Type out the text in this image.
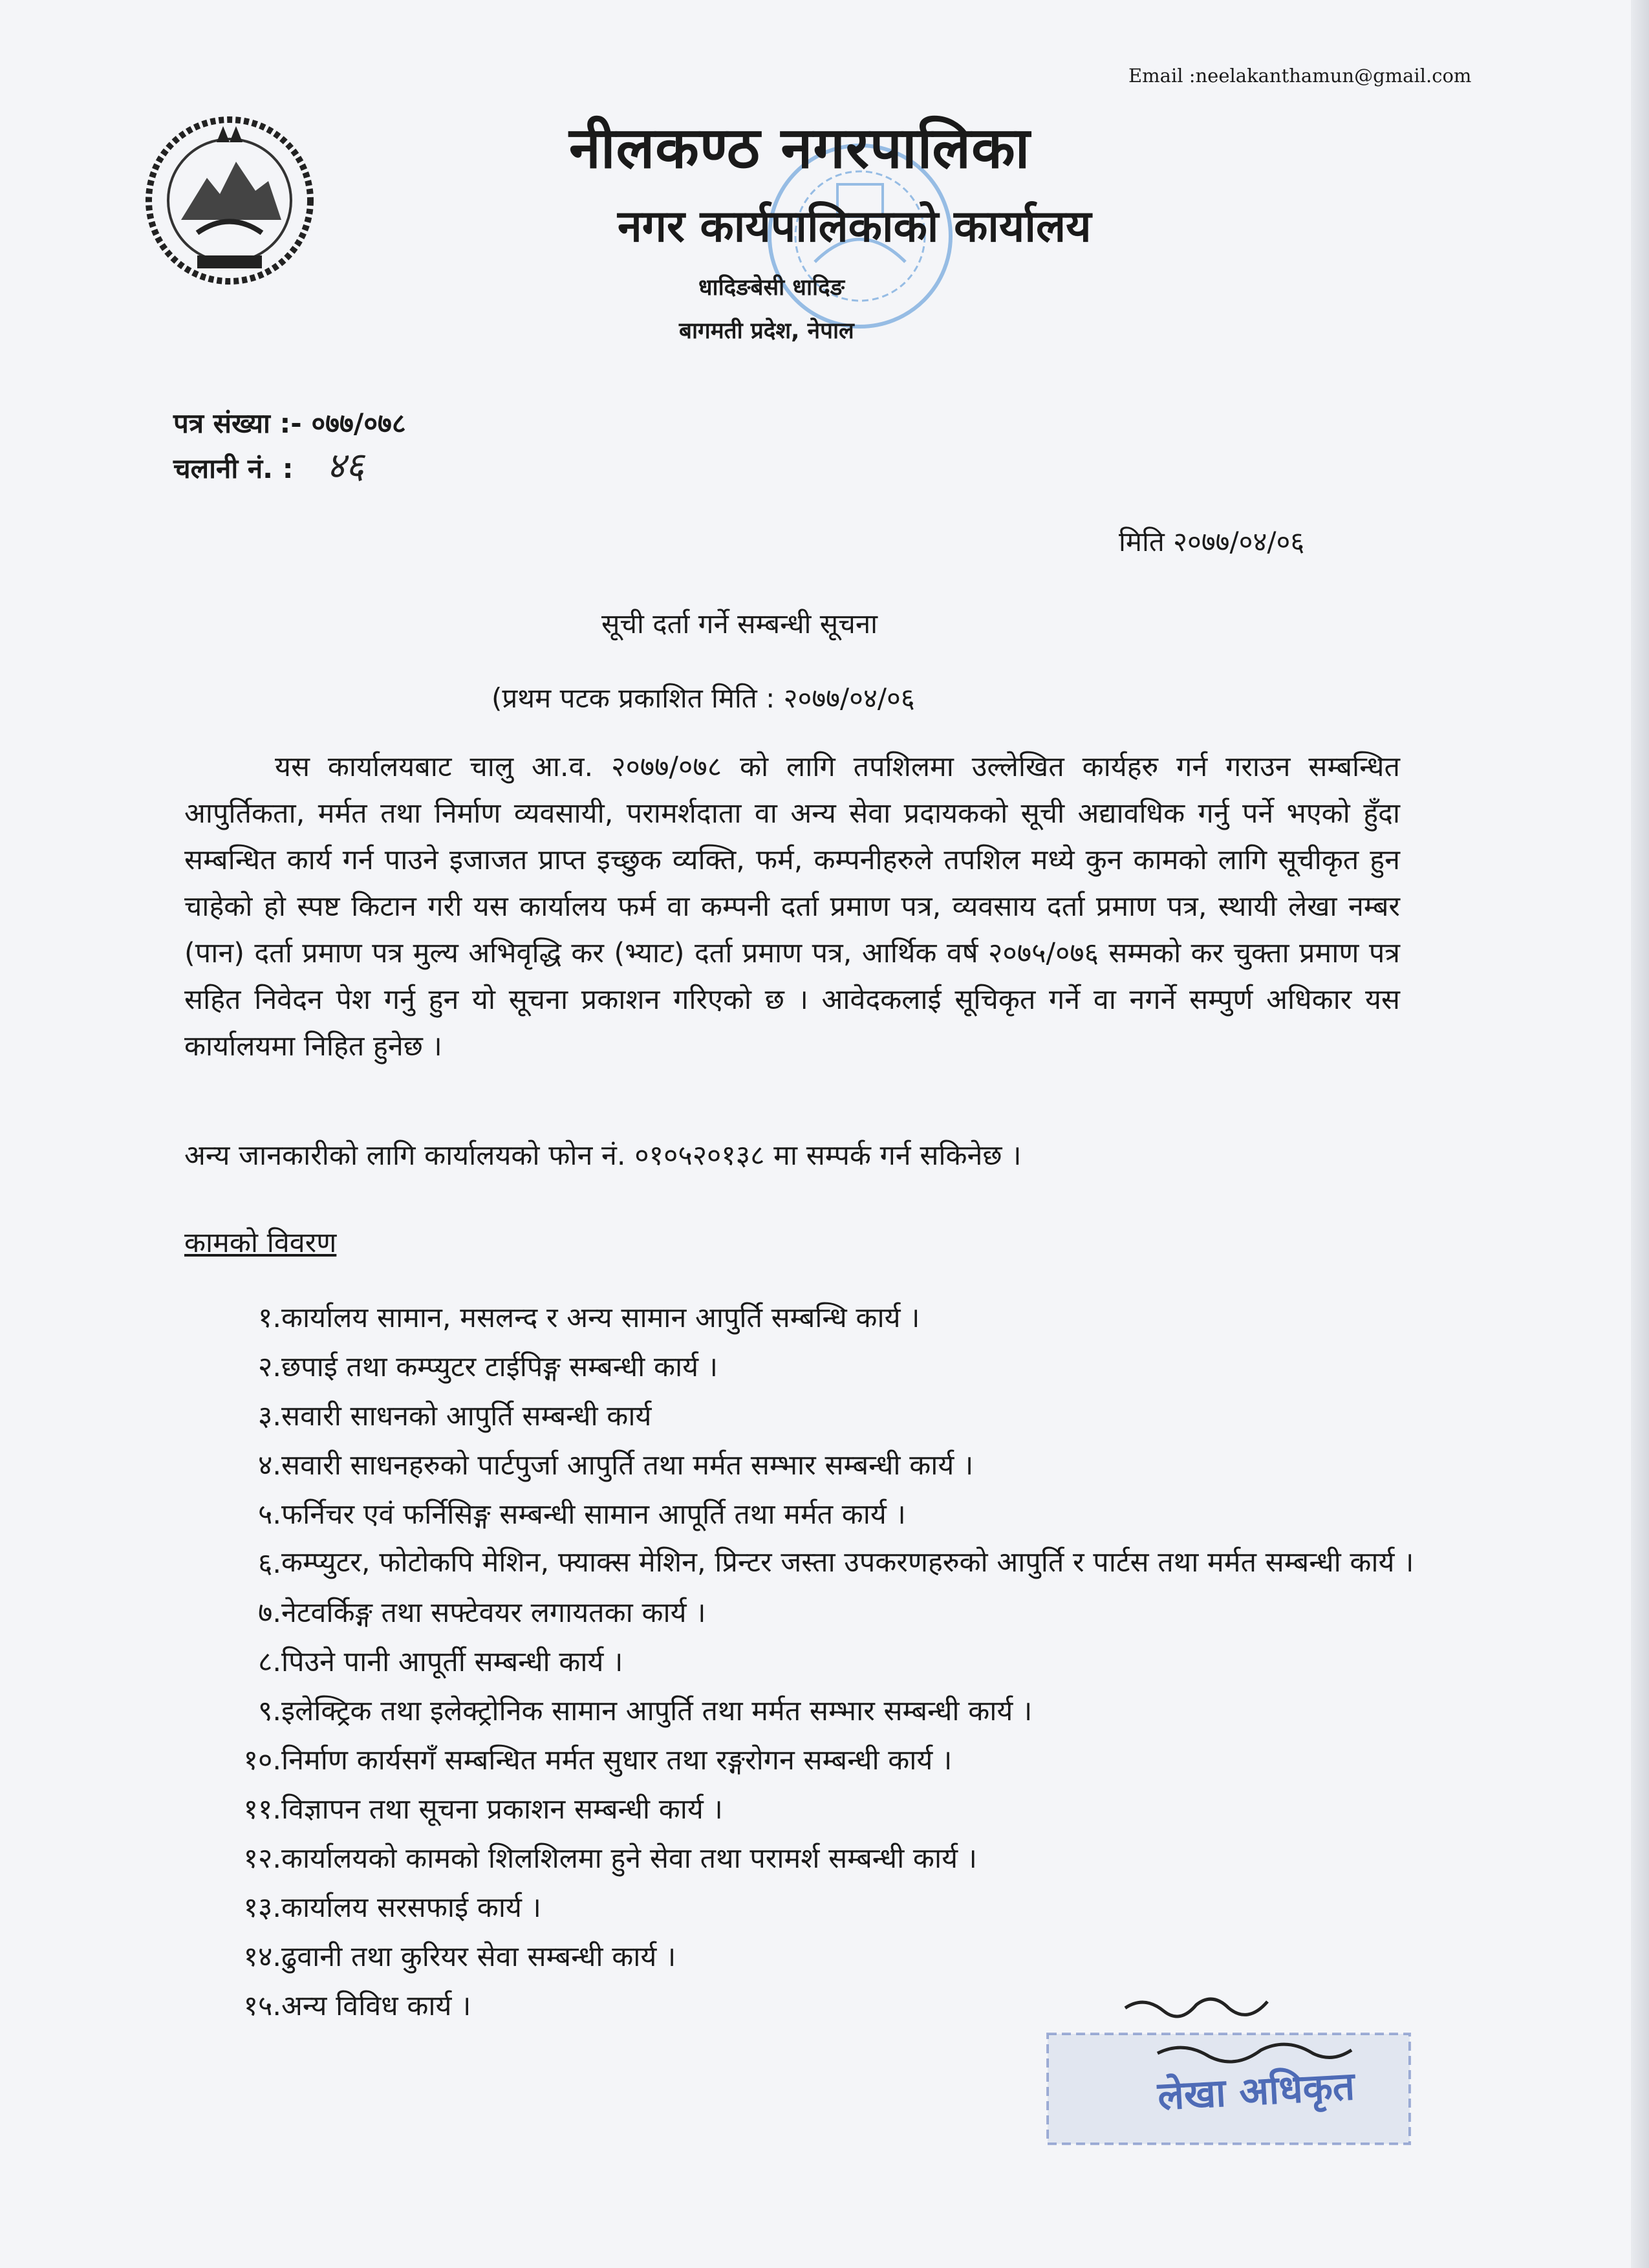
Email :neelakanthamun@gmail.com
नीलकण्ठ नगरपालिका
नगर कार्यपालिकाको कार्यालय
धादिङबेसी धादिङ
बागमती प्रदेश, नेपाल
पत्र संख्या :- ०७७/०७८
चलानी नं. : ४६
मिति २०७७/०४/०६
सूची दर्ता गर्ने सम्बन्धी सूचना
(प्रथम पटक प्रकाशित मिति : २०७७/०४/०६
यस कार्यालयबाट चालु आ.व. २०७७/०७८ को लागि तपशिलमा उल्लेखित कार्यहरु गर्न गराउन सम्बन्धित आपुर्तिकता, मर्मत तथा निर्माण व्यवसायी, परामर्शदाता वा अन्य सेवा प्रदायकको सूची अद्यावधिक गर्नु पर्ने भएको हुँदा सम्बन्धित कार्य गर्न पाउने इजाजत प्राप्त इच्छुक व्यक्ति, फर्म, कम्पनीहरुले तपशिल मध्ये कुन कामको लागि सूचीकृत हुन चाहेको हो स्पष्ट किटान गरी यस कार्यालय फर्म वा कम्पनी दर्ता प्रमाण पत्र, व्यवसाय दर्ता प्रमाण पत्र, स्थायी लेखा नम्बर (पान) दर्ता प्रमाण पत्र मुल्य अभिवृद्धि कर (भ्याट) दर्ता प्रमाण पत्र, आर्थिक वर्ष २०७५/०७६ सम्मको कर चुक्ता प्रमाण पत्र सहित निवेदन पेश गर्नु हुन यो सूचना प्रकाशन गरिएको छ । आवेदकलाई सूचिकृत गर्ने वा नगर्ने सम्पुर्ण अधिकार यस कार्यालयमा निहित हुनेछ ।
अन्य जानकारीको लागि कार्यालयको फोन नं. ०१०५२०१३८ मा सम्पर्क गर्न सकिनेछ ।
कामको विवरण
१. कार्यालय सामान, मसलन्द र अन्य सामान आपुर्ति सम्बन्धि कार्य ।
२. छपाई तथा कम्प्युटर टाईपिङ्ग सम्बन्धी कार्य ।
३. सवारी साधनको आपुर्ति सम्बन्धी कार्य
४. सवारी साधनहरुको पार्टपुर्जा आपुर्ति तथा मर्मत सम्भार सम्बन्धी कार्य ।
५. फर्निचर एवं फर्निसिङ्ग सम्बन्धी सामान आपूर्ति तथा मर्मत कार्य ।
६. कम्प्युटर, फोटोकपि मेशिन, फ्याक्स मेशिन, प्रिन्टर जस्ता उपकरणहरुको आपुर्ति र पार्टस तथा मर्मत सम्बन्धी कार्य ।
७. नेटवर्किङ्ग तथा सफ्टेवयर लगायतका कार्य ।
८. पिउने पानी आपूर्ती सम्बन्धी कार्य ।
९. इलेक्ट्रिक तथा इलेक्ट्रोनिक सामान आपुर्ति तथा मर्मत सम्भार सम्बन्धी कार्य ।
१०. निर्माण कार्यसगँ सम्बन्धित मर्मत सुधार तथा रङ्गरोगन सम्बन्धी कार्य ।
११. विज्ञापन तथा सूचना प्रकाशन सम्बन्धी कार्य ।
१२. कार्यालयको कामको शिलशिलमा हुने सेवा तथा परामर्श सम्बन्धी कार्य ।
१३. कार्यालय सरसफाई कार्य ।
१४. ढुवानी तथा कुरियर सेवा सम्बन्धी कार्य ।
१५. अन्य विविध कार्य ।
लेखा अधिकृत
